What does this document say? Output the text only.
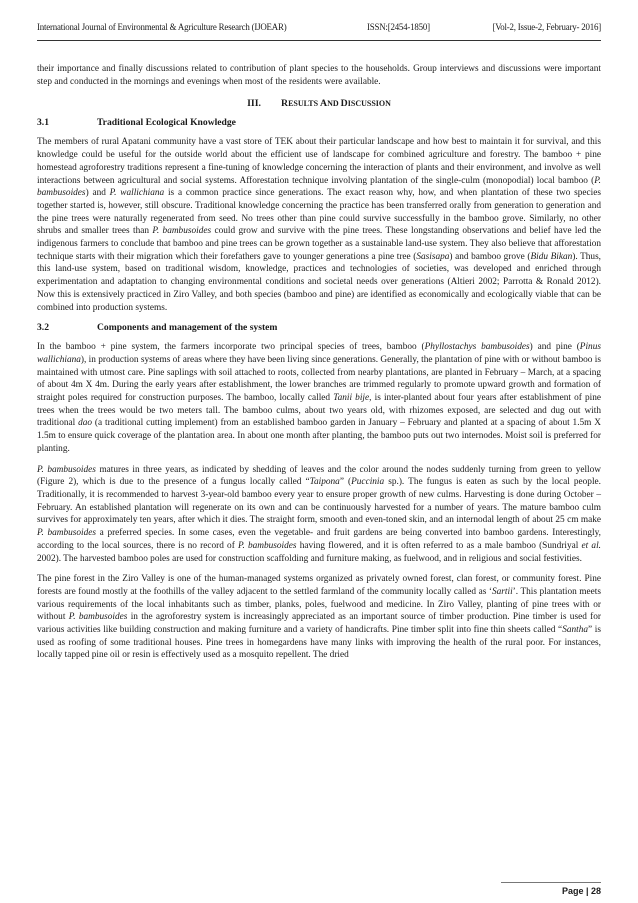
International Journal of Environmental & Agriculture Research (IJOEAR)	ISSN:[2454-1850]	[Vol-2, Issue-2, February- 2016]

their importance and finally discussions related to contribution of plant species to the households. Group interviews and discussions were important step and conducted in the mornings and evenings when most of the residents were available.

III. RESULTS AND DISCUSSION
3.1	Traditional Ecological Knowledge

The members of rural Apatani community have a vast store of TEK about their particular landscape and how best to maintain it for survival, and this knowledge could be useful for the outside world about the efficient use of landscape for combined agriculture and forestry. The bamboo + pine homestead agroforestry traditions represent a fine-tuning of knowledge concerning the interaction of plants and their environment, and involve as well interactions between agricultural and social systems. Afforestation technique involving plantation of the single-culm (monopodial) local bamboo (P. bambusoides) and P. wallichiana is a common practice since generations. The exact reason why, how, and when plantation of these two species together started is, however, still obscure. Traditional knowledge concerning the practice has been transferred orally from generation to generation and the pine trees were naturally regenerated from seed. No trees other than pine could survive successfully in the bamboo grove. Similarly, no other shrubs and smaller trees than P. bambusoides could grow and survive with the pine trees. These longstanding observations and belief have led the indigenous farmers to conclude that bamboo and pine trees can be grown together as a sustainable land-use system. They also believe that afforestation technique starts with their migration which their forefathers gave to younger generations a pine tree (Sasisapa) and bamboo grove (Bidu Bikan). Thus, this land-use system, based on traditional wisdom, knowledge, practices and technologies of societies, was developed and enriched through experimentation and adaptation to changing environmental conditions and societal needs over generations (Altieri 2002; Parrotta & Ronald 2012). Now this is extensively practiced in Ziro Valley, and both species (bamboo and pine) are identified as economically and ecologically viable that can be combined into production systems.

3.2	Components and management of the system

In the bamboo + pine system, the farmers incorporate two principal species of trees, bamboo (Phyllostachys bambusoides) and pine (Pinus wallichiana), in production systems of areas where they have been living since generations. Generally, the plantation of pine with or without bamboo is maintained with utmost care. Pine saplings with soil attached to roots, collected from nearby plantations, are planted in February – March, at a spacing of about 4m X 4m. During the early years after establishment, the lower branches are trimmed regularly to promote upward growth and formation of straight poles required for construction purposes. The bamboo, locally called Tanii bije, is inter-planted about four years after establishment of pine trees when the trees would be two meters tall. The bamboo culms, about two years old, with rhizomes exposed, are selected and dug out with traditional dao (a traditional cutting implement) from an established bamboo garden in January – February and planted at a spacing of about 1.5m X 1.5m to ensure quick coverage of the plantation area. In about one month after planting, the bamboo puts out two internodes. Moist soil is preferred for planting.

P. bambusoides matures in three years, as indicated by shedding of leaves and the color around the nodes suddenly turning from green to yellow (Figure 2), which is due to the presence of a fungus locally called “Taipona” (Puccinia sp.). The fungus is eaten as such by the local people. Traditionally, it is recommended to harvest 3-year-old bamboo every year to ensure proper growth of new culms. Harvesting is done during October – February. An established plantation will regenerate on its own and can be continuously harvested for a number of years. The mature bamboo culm survives for approximately ten years, after which it dies. The straight form, smooth and even-toned skin, and an internodal length of about 25 cm make P. bambusoides a preferred species. In some cases, even the vegetable- and fruit gardens are being converted into bamboo gardens. Interestingly, according to the local sources, there is no record of P. bambusoides having flowered, and it is often referred to as a male bamboo (Sundriyal et al. 2002). The harvested bamboo poles are used for construction scaffolding and furniture making, as fuelwood, and in religious and social festivities.

The pine forest in the Ziro Valley is one of the human-managed systems organized as privately owned forest, clan forest, or community forest. Pine forests are found mostly at the foothills of the valley adjacent to the settled farmland of the community locally called as ‘Sartii’. This plantation meets various requirements of the local inhabitants such as timber, planks, poles, fuelwood and medicine. In Ziro Valley, planting of pine trees with or without P. bambusoides in the agroforestry system is increasingly appreciated as an important source of timber production. Pine timber is used for various activities like building construction and making furniture and a variety of handicrafts. Pine timber split into fine thin sheets called “Santha” is used as roofing of some traditional houses. Pine trees in homegardens have many links with improving the health of the rural poor. For instances, locally tapped pine oil or resin is effectively used as a mosquito repellent. The dried

Page | 28
